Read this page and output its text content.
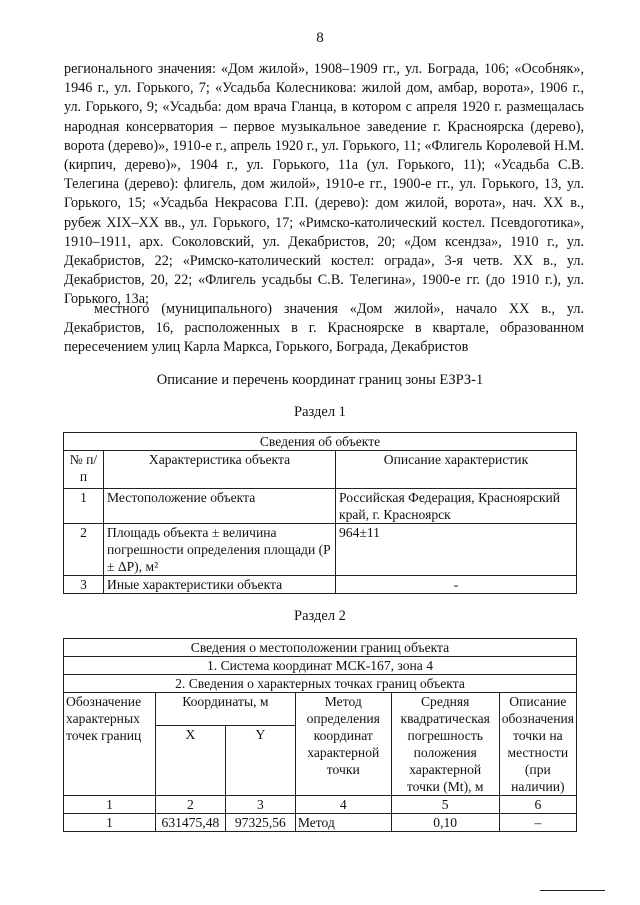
8
регионального значения: «Дом жилой», 1908–1909 гг., ул. Бограда, 106; «Особняк», 1946 г., ул. Горького, 7; «Усадьба Колесникова: жилой дом, амбар, ворота», 1906 г., ул. Горького, 9; «Усадьба: дом врача Гланца, в котором с апреля 1920 г. размещалась народная консерватория – первое музыкальное заведение г. Красноярска (дерево), ворота (дерево)», 1910-е г., апрель 1920 г., ул. Горького, 11; «Флигель Королевой Н.М. (кирпич, дерево)», 1904 г., ул. Горького, 11а (ул. Горького, 11); «Усадьба С.В. Телегина (дерево): флигель, дом жилой», 1910-е гг., 1900-е гг., ул. Горького, 13, ул. Горького, 15; «Усадьба Некрасова Г.П. (дерево): дом жилой, ворота», нач. XX в., рубеж XIX–XX вв., ул. Горького, 17; «Римско-католический костел. Псевдоготика», 1910–1911, арх. Соколовский, ул. Декабристов, 20; «Дом ксендза», 1910 г., ул. Декабристов, 22; «Римско-католический костел: ограда», 3-я четв. XX в., ул. Декабристов, 20, 22; «Флигель усадьбы С.В. Телегина», 1900-е гг. (до 1910 г.), ул. Горького, 13а;
местного (муниципального) значения «Дом жилой», начало XX в., ул. Декабристов, 16, расположенных в г. Красноярске в квартале, образованном пересечением улиц Карла Маркса, Горького, Бограда, Декабристов
Описание и перечень координат границ зоны ЕЗРЗ-1
Раздел 1
Сведения об объекте		
№ п/п	Характеристика объекта	Описание характеристик
1	Местоположение объекта	Российская Федерация, Красноярский край, г. Красноярск
2	Площадь объекта ± величина погрешности определения площади (P ± ΔP), м²	964±11
3	Иные характеристики объекта	-
Раздел 2
Сведения о местоположении границ объекта					
1. Система координат МСК-167, зона 4					
2. Сведения о характерных точках границ объекта					
Обозначение характерных точек границ	Координаты, м		Метод определения координат характерной точки	Средняя квадратическая погрешность положения характерной точки (Mt), м	Описание обозначения точки на местности (при наличии)
	X	Y			
1	2	3	4	5	6
1	631475,48	97325,56	Метод	0,10	–
